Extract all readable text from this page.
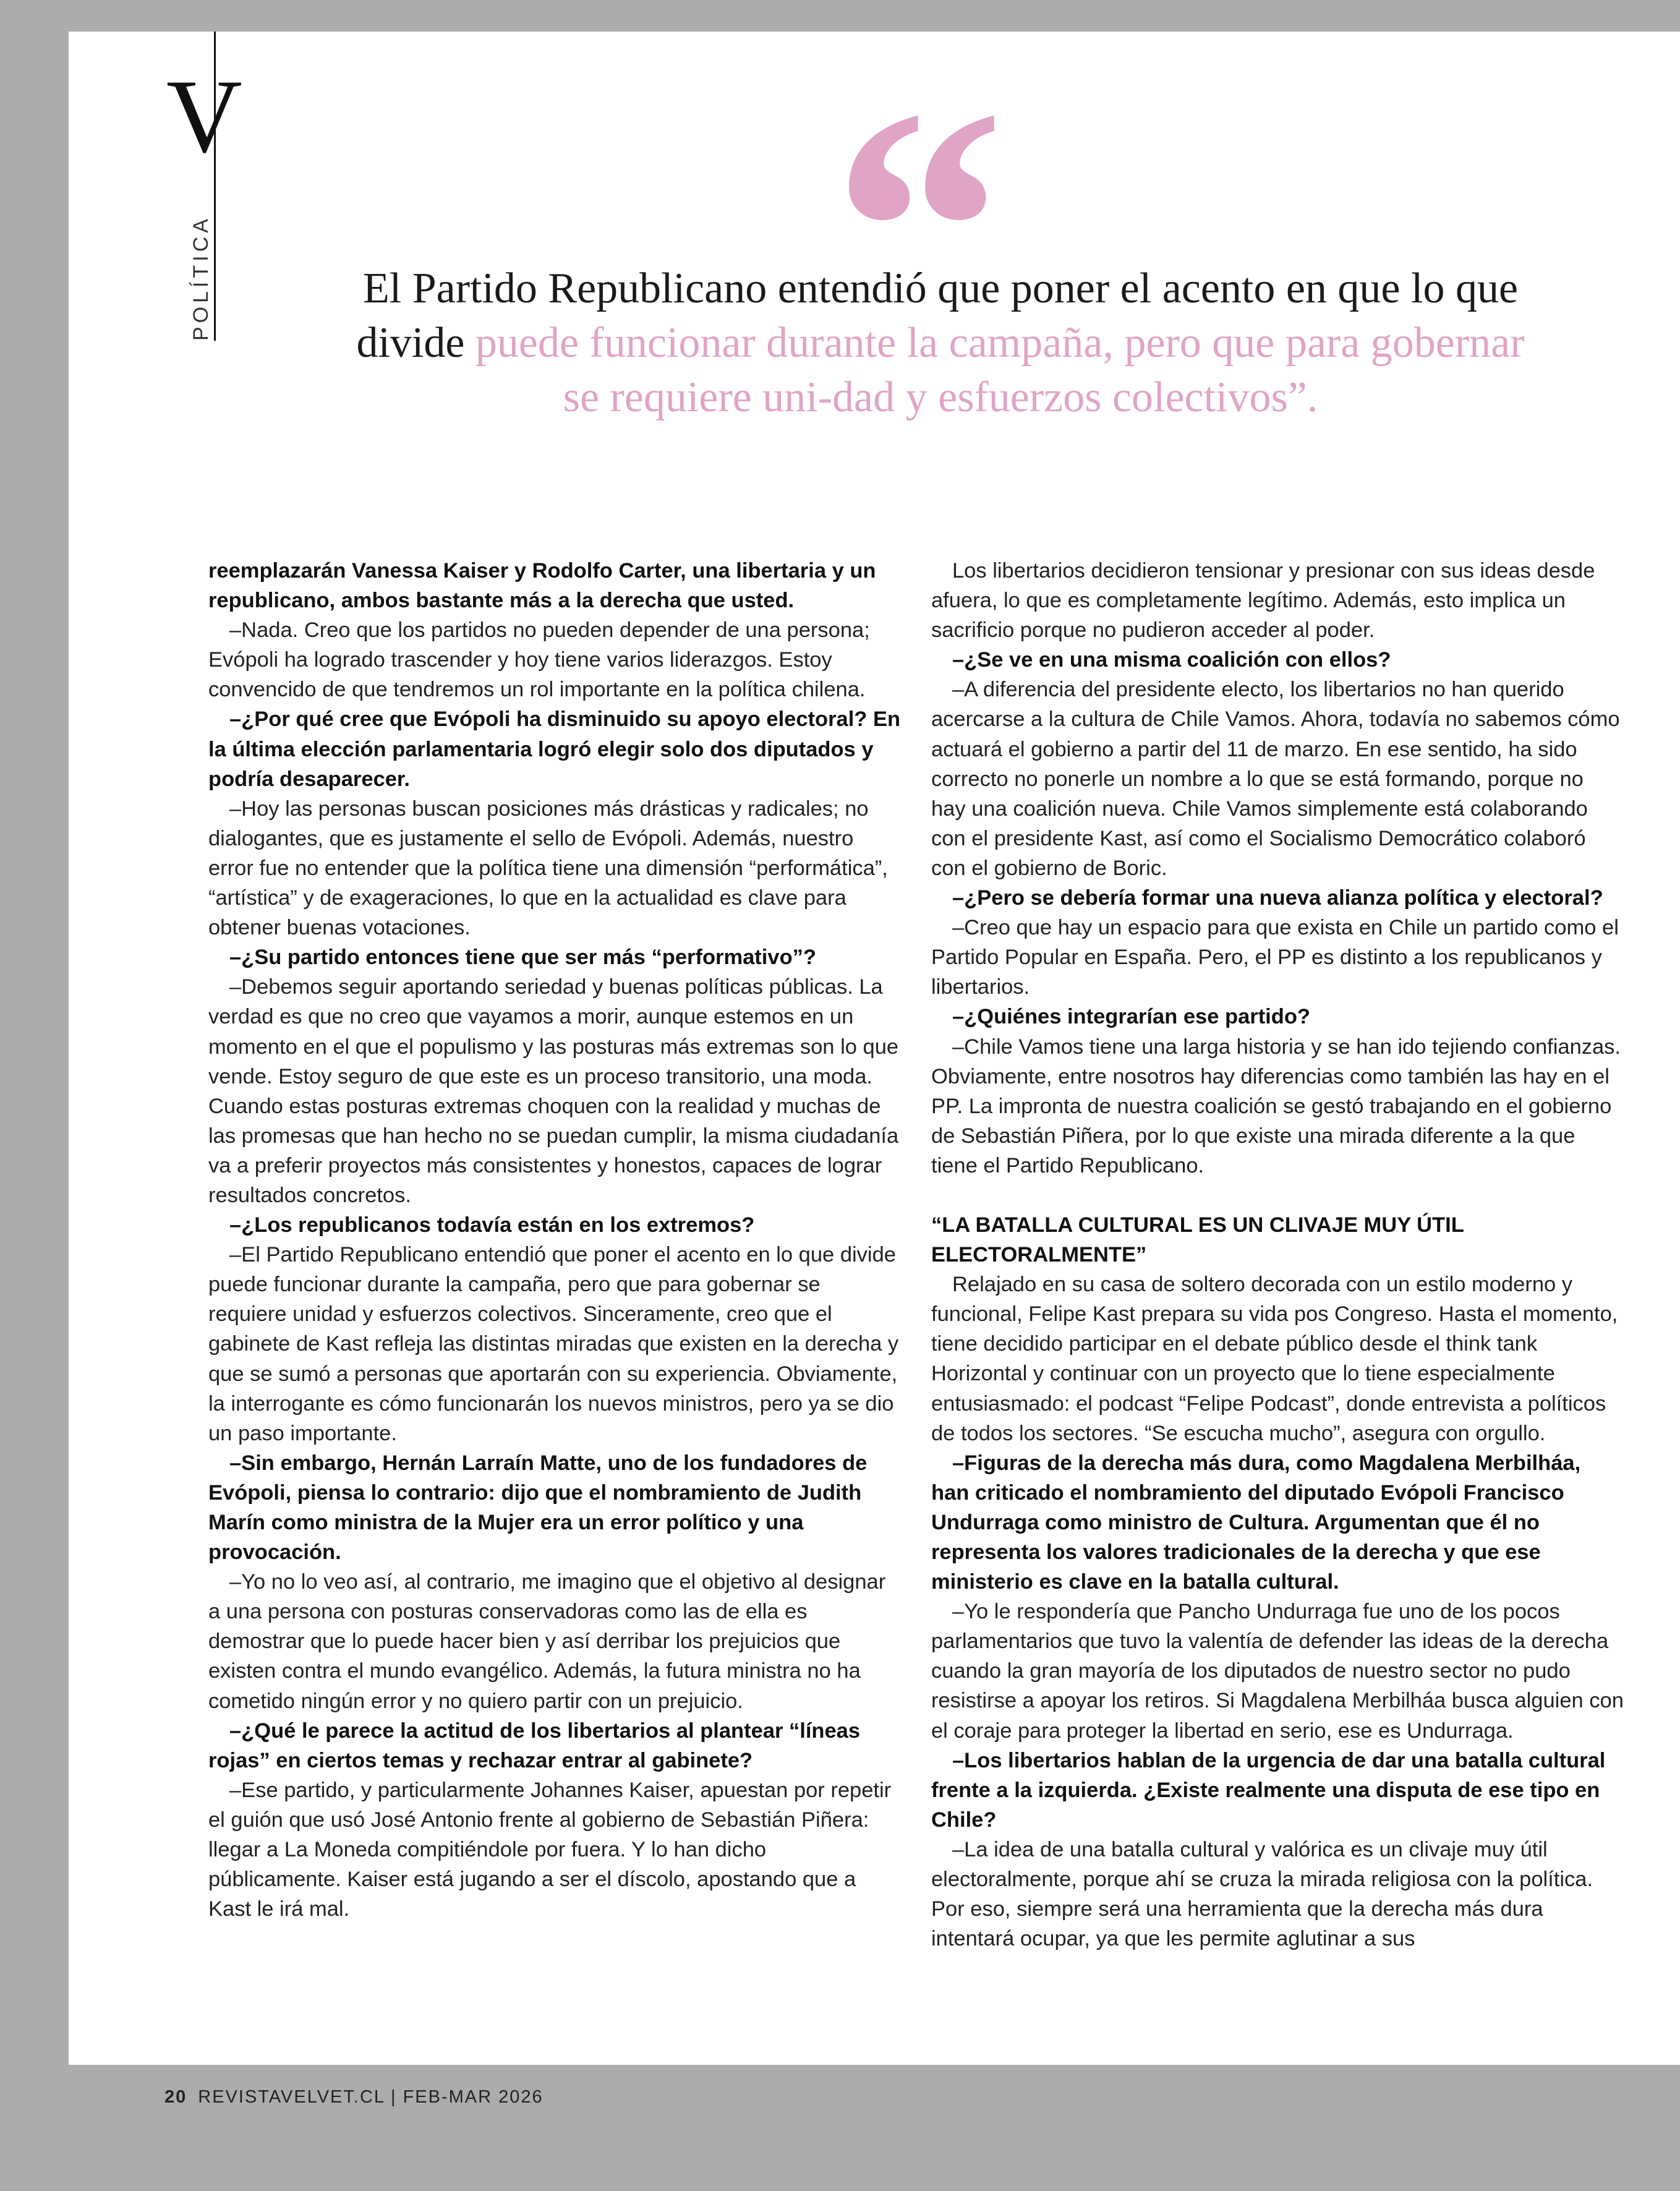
V
POLÍTICA “
El Partido Republicano entendió que poner el acento en que lo que divide puede funcionar durante la campaña, pero que para gobernar se requiere uni-dad y esfuerzos colectivos”.

reemplazarán Vanessa Kaiser y Rodolfo Carter, una libertaria y un republicano, ambos bastante más a la derecha que usted.

–Nada. Creo que los partidos no pueden depender de una persona; Evópoli ha logrado trascender y hoy tiene varios liderazgos. Estoy convencido de que tendremos un rol importante en la política chilena.

–¿Por qué cree que Evópoli ha disminuido su apoyo electoral? En la última elección parlamentaria logró elegir solo dos diputados y podría desaparecer.

–Hoy las personas buscan posiciones más drásticas y radicales; no dialogantes, que es justamente el sello de Evópoli. Además, nuestro error fue no entender que la política tiene una dimensión “performática”, “artística” y de exageraciones, lo que en la actualidad es clave para obtener buenas votaciones.

–¿Su partido entonces tiene que ser más “performativo”?

–Debemos seguir aportando seriedad y buenas políticas públicas. La verdad es que no creo que vayamos a morir, aunque estemos en un momento en el que el populismo y las posturas más extremas son lo que vende. Estoy seguro de que este es un proceso transitorio, una moda. Cuando estas posturas extremas choquen con la realidad y muchas de las promesas que han hecho no se puedan cumplir, la misma ciudadanía va a preferir proyectos más consistentes y honestos, capaces de lograr resultados concretos.

–¿Los republicanos todavía están en los extremos?

–El Partido Republicano entendió que poner el acento en lo que divide puede funcionar durante la campaña, pero que para gobernar se requiere unidad y esfuerzos colectivos. Sinceramente, creo que el gabinete de Kast refleja las distintas miradas que existen en la derecha y que se sumó a personas que aportarán con su experiencia. Obviamente, la interrogante es cómo funcionarán los nuevos ministros, pero ya se dio un paso importante.

–Sin embargo, Hernán Larraín Matte, uno de los fundadores de Evópoli, piensa lo contrario: dijo que el nombramiento de Judith Marín como ministra de la Mujer era un error político y una provocación.

–Yo no lo veo así, al contrario, me imagino que el objetivo al designar a una persona con posturas conservadoras como las de ella es demostrar que lo puede hacer bien y así derribar los prejuicios que existen contra el mundo evangélico. Además, la futura ministra no ha cometido ningún error y no quiero partir con un prejuicio.

–¿Qué le parece la actitud de los libertarios al plantear “líneas rojas” en ciertos temas y rechazar entrar al gabinete?

–Ese partido, y particularmente Johannes Kaiser, apuestan por repetir el guión que usó José Antonio frente al gobierno de Sebastián Piñera: llegar a La Moneda compitiéndole por fuera. Y lo han dicho públicamente. Kaiser está jugando a ser el díscolo, apostando que a Kast le irá mal.

Los libertarios decidieron tensionar y presionar con sus ideas desde afuera, lo que es completamente legítimo. Además, esto implica un sacrificio porque no pudieron acceder al poder.

–¿Se ve en una misma coalición con ellos?

–A diferencia del presidente electo, los libertarios no han querido acercarse a la cultura de Chile Vamos. Ahora, todavía no sabemos cómo actuará el gobierno a partir del 11 de marzo. En ese sentido, ha sido correcto no ponerle un nombre a lo que se está formando, porque no hay una coalición nueva. Chile Vamos simplemente está colaborando con el presidente Kast, así como el Socialismo Democrático colaboró con el gobierno de Boric.

–¿Pero se debería formar una nueva alianza política y electoral?

–Creo que hay un espacio para que exista en Chile un partido como el Partido Popular en España. Pero, el PP es distinto a los republicanos y libertarios.

–¿Quiénes integrarían ese partido?

–Chile Vamos tiene una larga historia y se han ido tejiendo confianzas. Obviamente, entre nosotros hay diferencias como también las hay en el PP. La impronta de nuestra coalición se gestó trabajando en el gobierno de Sebastián Piñera, por lo que existe una mirada diferente a la que tiene el Partido Republicano.

“LA BATALLA CULTURAL ES UN CLIVAJE MUY ÚTIL ELECTORALMENTE”

Relajado en su casa de soltero decorada con un estilo moderno y funcional, Felipe Kast prepara su vida pos Congreso. Hasta el momento, tiene decidido participar en el debate público desde el think tank Horizontal y continuar con un proyecto que lo tiene especialmente entusiasmado: el podcast “Felipe Podcast”, donde entrevista a políticos de todos los sectores. “Se escucha mucho”, asegura con orgullo.

–Figuras de la derecha más dura, como Magdalena Merbilháa, han criticado el nombramiento del diputado Evópoli Francisco Undurraga como ministro de Cultura. Argumentan que él no representa los valores tradicionales de la derecha y que ese ministerio es clave en la batalla cultural.

–Yo le respondería que Pancho Undurraga fue uno de los pocos parlamentarios que tuvo la valentía de defender las ideas de la derecha cuando la gran mayoría de los diputados de nuestro sector no pudo resistirse a apoyar los retiros. Si Magdalena Merbilháa busca alguien con el coraje para proteger la libertad en serio, ese es Undurraga.

–Los libertarios hablan de la urgencia de dar una batalla cultural frente a la izquierda. ¿Existe realmente una disputa de ese tipo en Chile?

–La idea de una batalla cultural y valórica es un clivaje muy útil electoralmente, porque ahí se cruza la mirada religiosa con la política. Por eso, siempre será una herramienta que la derecha más dura intentará ocupar, ya que les permite aglutinar a sus

20 REVISTAVELVET.CL | FEB-MAR 2026
